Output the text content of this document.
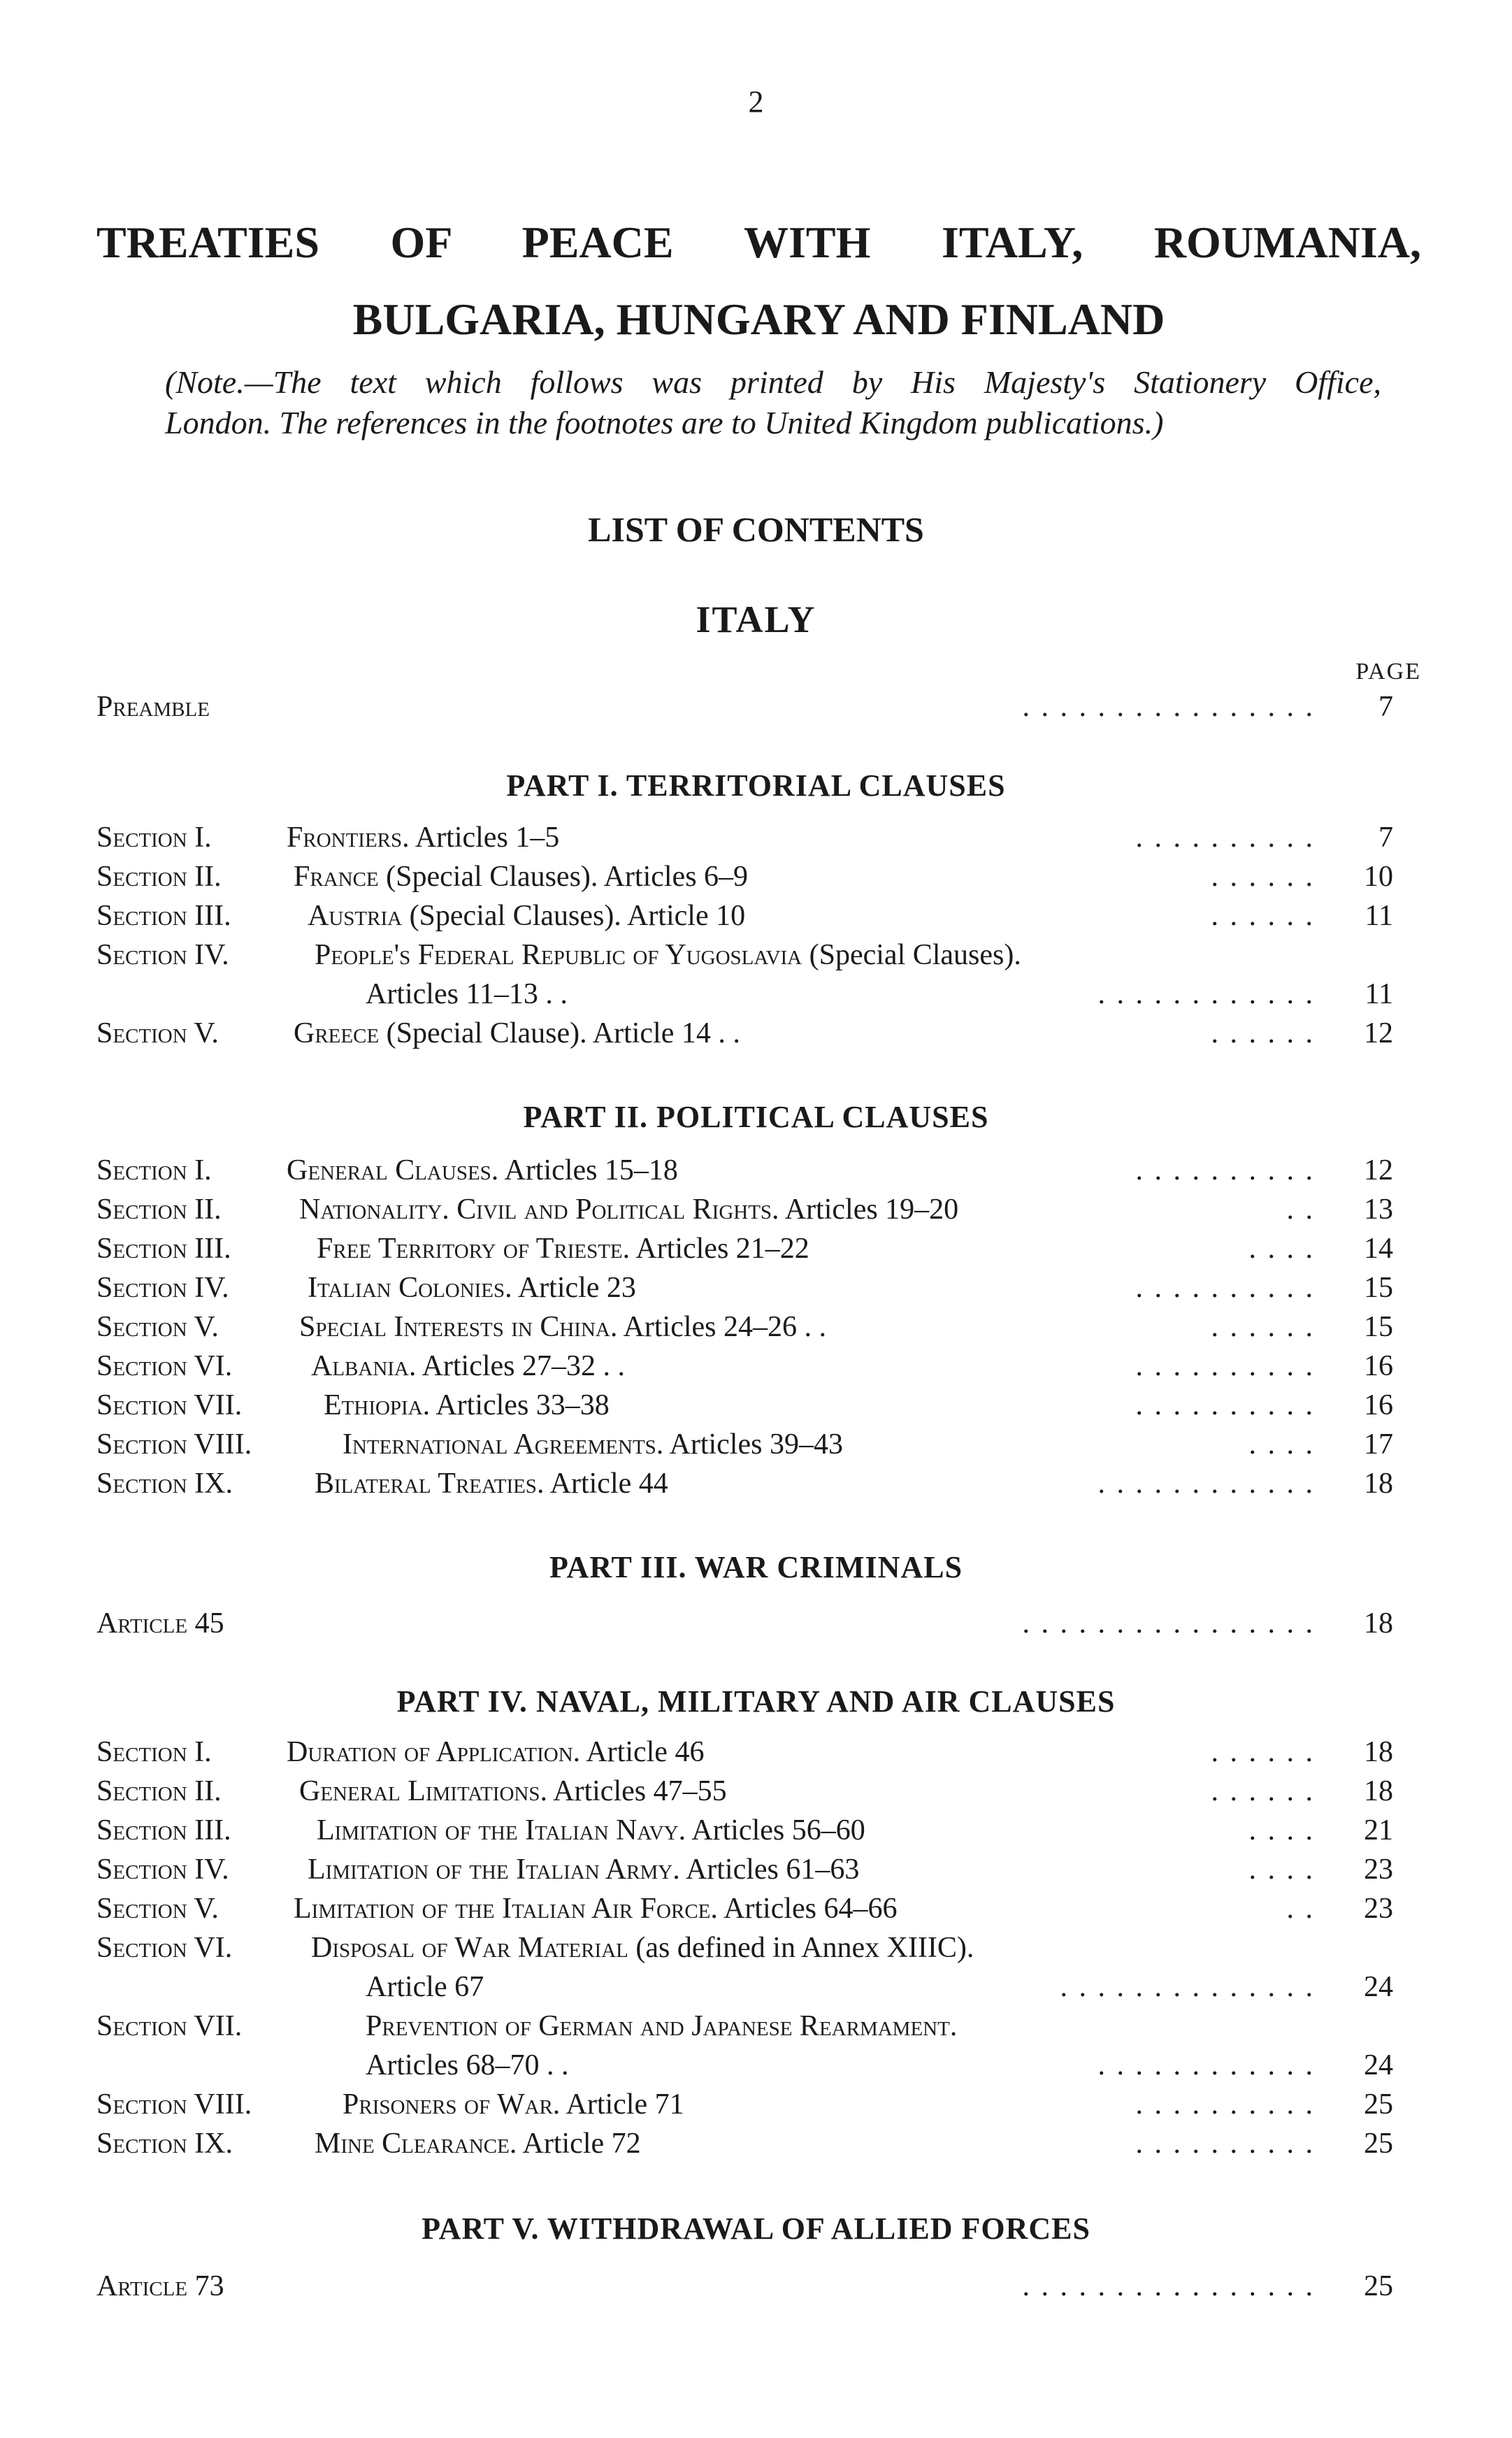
2
TREATIES OF PEACE WITH ITALY, ROUMANIA,
BULGARIA, HUNGARY AND FINLAND
(Note.—The text which follows was printed by His Majesty's Stationery Office,
London. The references in the footnotes are to United Kingdom publications.)
LIST OF CONTENTS
ITALY
PAGE
Preamble	. . . . . . . . . . . . . . . . 7
PART I. TERRITORIAL CLAUSES
Section I.	Frontiers. Articles 1–5	. . . . . . . . . . 7
Section II. France (Special Clauses). Articles 6–9	. . . . . . 10
Section III.	Austria (Special Clauses). Article 10	. . . . . . 11
Section IV.	People's Federal Republic of Yugoslavia (Special Clauses).
Articles 11–13 . .	. . . . . . . . . . . . 11
Section V.	Greece (Special Clause). Article 14 . .	. . . . . . 12
PART II. POLITICAL CLAUSES
Section I.	General Clauses. Articles 15–18	. . . . . . . . . . 12
Section II.	Nationality. Civil and Political Rights. Articles 19–20	. . 13
Section III.	Free Territory of Trieste. Articles 21–22	. . . . 14
Section IV.	Italian Colonies. Article 23	. . . . . . . . . . 15
Section V.	Special Interests in China. Articles 24–26 . .	. . . . . . 15
Section VI.	Albania. Articles 27–32 . .	. . . . . . . . . . 16
Section VII.	Ethiopia. Articles 33–38	. . . . . . . . . . 16
Section VIII.	International Agreements. Articles 39–43	. . . . 17
Section IX.	Bilateral Treaties. Article 44	. . . . . . . . . . . . 18
PART III. WAR CRIMINALS
Article 45	. . . . . . . . . . . . . . . . 18
PART IV. NAVAL, MILITARY AND AIR CLAUSES
Section I.	Duration of Application. Article 46	. . . . . . 18
Section II.	General Limitations. Articles 47–55	. . . . . . 18
Section III.	Limitation of the Italian Navy. Articles 56–60	. . . . 21
Section IV.	Limitation of the Italian Army. Articles 61–63	. . . . 23
Section V.	Limitation of the Italian Air Force. Articles 64–66	. . 23
Section VI.	Disposal of War Material (as defined in Annex XIIIC).
Article 67	. . . . . . . . . . . . . . 24
Section VII.	Prevention of German and Japanese Rearmament.
Articles 68–70 . .	. . . . . . . . . . . . 24
Section VIII.	Prisoners of War. Article 71	. . . . . . . . . . 25
Section IX.	Mine Clearance. Article 72	. . . . . . . . . . 25
PART V. WITHDRAWAL OF ALLIED FORCES
Article 73	. . . . . . . . . . . . . . . . 25
